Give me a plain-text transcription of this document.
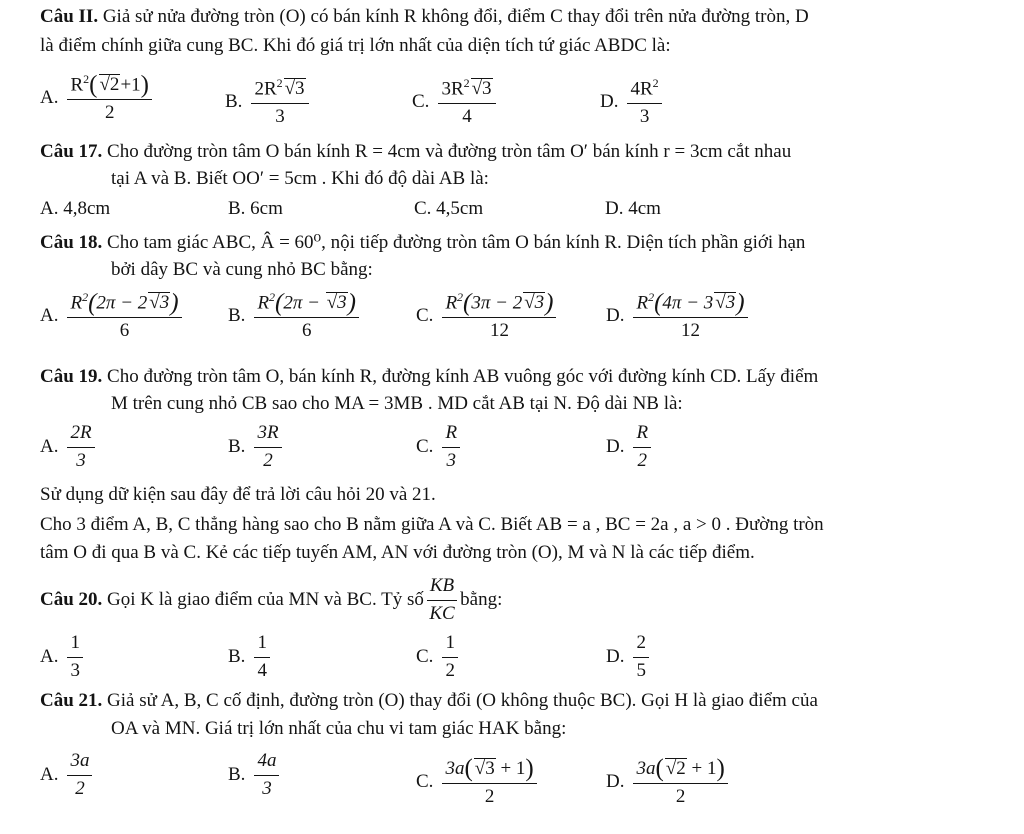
Câu II. Giả sử nửa đường tròn (O) có bán kính R không đổi, điểm C thay đổi trên nửa đường tròn, D
là điểm chính giữa cung BC. Khi đó giá trị lớn nhất của diện tích tứ giác ABDC là:
A. $\frac{R^2( √2+1)}{2}$	B. $\frac{2R^2 √3}{3}$	C. $\frac{3R^2 √3}{4}$	D. $\frac{4R^2}{3}$
Câu 17. Cho đường tròn tâm O bán kính R = 4cm và đường tròn tâm O′ bán kính r = 3cm cắt nhau
tại A và B. Biết OO′ = 5cm . Khi đó độ dài AB là:
A. 4,8cm	B. 6cm	C. 4,5cm	D. 4cm
Câu 18. Cho tam giác ABC, Â = 60⁰, nội tiếp đường tròn tâm O bán kính R. Diện tích phần giới hạn
bởi dây BC và cung nhỏ BC bằng:
A. $\frac{R^2(2\pi - 2 √3)}{6} B$. $\frac{R^2(2\pi - √3)}{6}$	C. $\frac{R^2(3\pi - 2 √3)}{12}$	D. $\frac{R^2(4\pi - 3 √3)}{12}$
Câu 19. Cho đường tròn tâm O, bán kính R, đường kính AB vuông góc với đường kính CD. Lấy điểm
M trên cung nhỏ CB sao cho MA = 3MB . MD cắt AB tại N. Độ dài NB là:
A. $\frac{2R}{3}$	B. $\frac{3R}{2}$	C. $\frac{R}{3}$	D. $\frac{R}{2}$
Sử dụng dữ kiện sau đây để trả lời câu hỏi 20 và 21.
Cho 3 điểm A, B, C thẳng hàng sao cho B nằm giữa A và C. Biết AB = a , BC = 2a , a > 0 . Đường tròn
tâm O đi qua B và C. Kẻ các tiếp tuyến AM, AN với đường tròn (O), M và N là các tiếp điểm.
Câu 20.
Gọi K là giao điểm của MN và BC. Tỷ số $\frac{KB}{KC}$ bằng:
A. $\frac{1}{3}$	B. $\frac{1}{4}$	C. $\frac{1}{2}$	D. $\frac{2}{5}$
Câu 21. Giả sử A, B, C cố định, đường tròn (O) thay đổi (O không thuộc BC). Gọi H là giao điểm của
OA và MN. Giá trị lớn nhất của chu vi tam giác HAK bằng:
A. $\frac{3a}{2}$	B. $\frac{4a}{3}$	C. $\frac{3a( √3 + 1)}{2}$	D. $\frac{3a( √2 + 1)}{2}$
